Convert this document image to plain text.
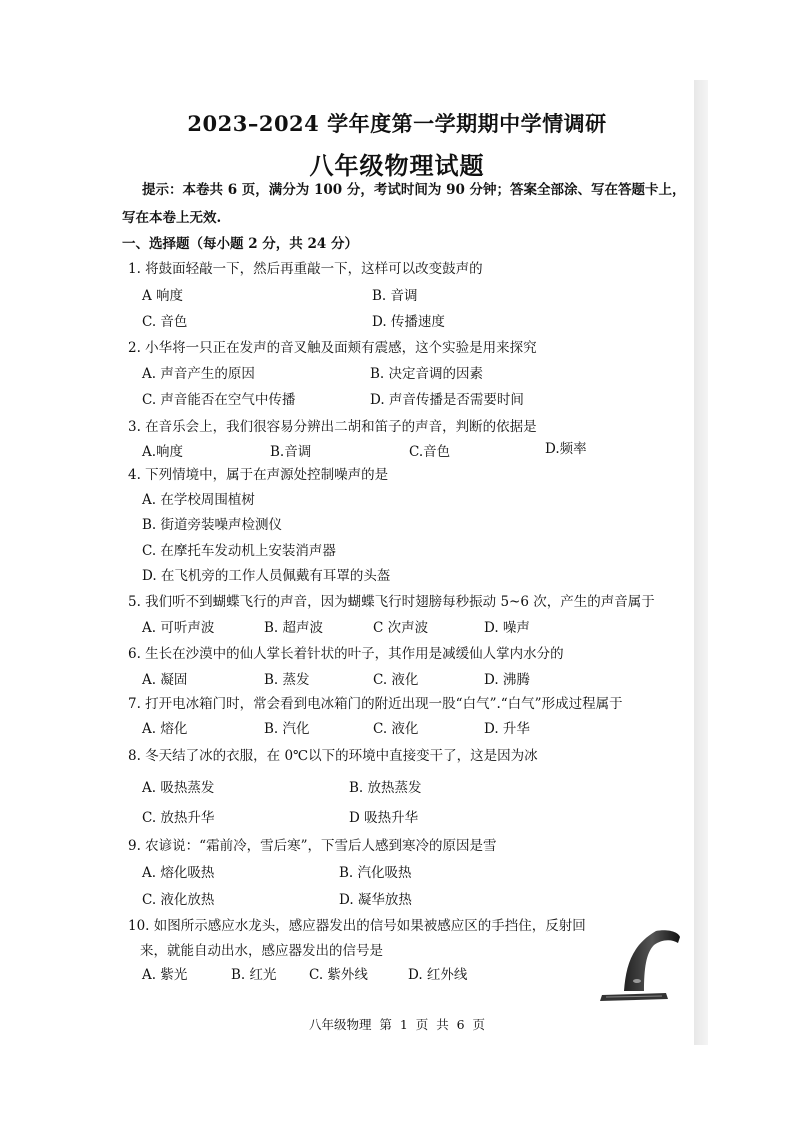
2023–2024 学年度第一学期期中学情调研
八年级物理试题
提示：本卷共 6 页，满分为 100 分，考试时间为 90 分钟；答案全部涂、写在答题卡上，
写在本卷上无效.
一、选择题（每小题 2 分，共 24 分）
1. 将鼓面轻敲一下，然后再重敲一下，这样可以改变鼓声的
A 响度	B. 音调
C. 音色	D. 传播速度
2. 小华将一只正在发声的音叉触及面颊有震感，这个实验是用来探究
A. 声音产生的原因	B. 决定音调的因素
C. 声音能否在空气中传播	D. 声音传播是否需要时间
3. 在音乐会上，我们很容易分辨出二胡和笛子的声音，判断的依据是
A.响度	B.音调	C.音色	D.频率
4. 下列情境中，属于在声源处控制噪声的是
A. 在学校周围植树
B. 街道旁装噪声检测仪
C. 在摩托车发动机上安装消声器
D. 在飞机旁的工作人员佩戴有耳罩的头盔
5. 我们听不到蝴蝶飞行的声音，因为蝴蝶飞行时翅膀每秒振动 5~6 次，产生的声音属于
A. 可听声波	B. 超声波	C 次声波	D. 噪声
6. 生长在沙漠中的仙人掌长着针状的叶子，其作用是减缓仙人掌内水分的
A. 凝固	B. 蒸发	C. 液化	D. 沸腾
7. 打开电冰箱门时，常会看到电冰箱门的附近出现一股“白气”.“白气”形成过程属于
A. 熔化	B. 汽化	C. 液化	D. 升华
8. 冬天结了冰的衣服，在 0℃以下的环境中直接变干了，这是因为冰
A. 吸热蒸发	B. 放热蒸发
C. 放热升华	D 吸热升华
9. 农谚说：“霜前冷，雪后寒”，下雪后人感到寒冷的原因是雪
A. 熔化吸热	B. 汽化吸热
C. 液化放热	D. 凝华放热
10. 如图所示感应水龙头，感应器发出的信号如果被感应区的手挡住，反射回
来，就能自动出水，感应器发出的信号是
A. 紫光	B. 红光 C. 紫外线	D. 红外线
八年级物理  第  1  页  共  6  页
